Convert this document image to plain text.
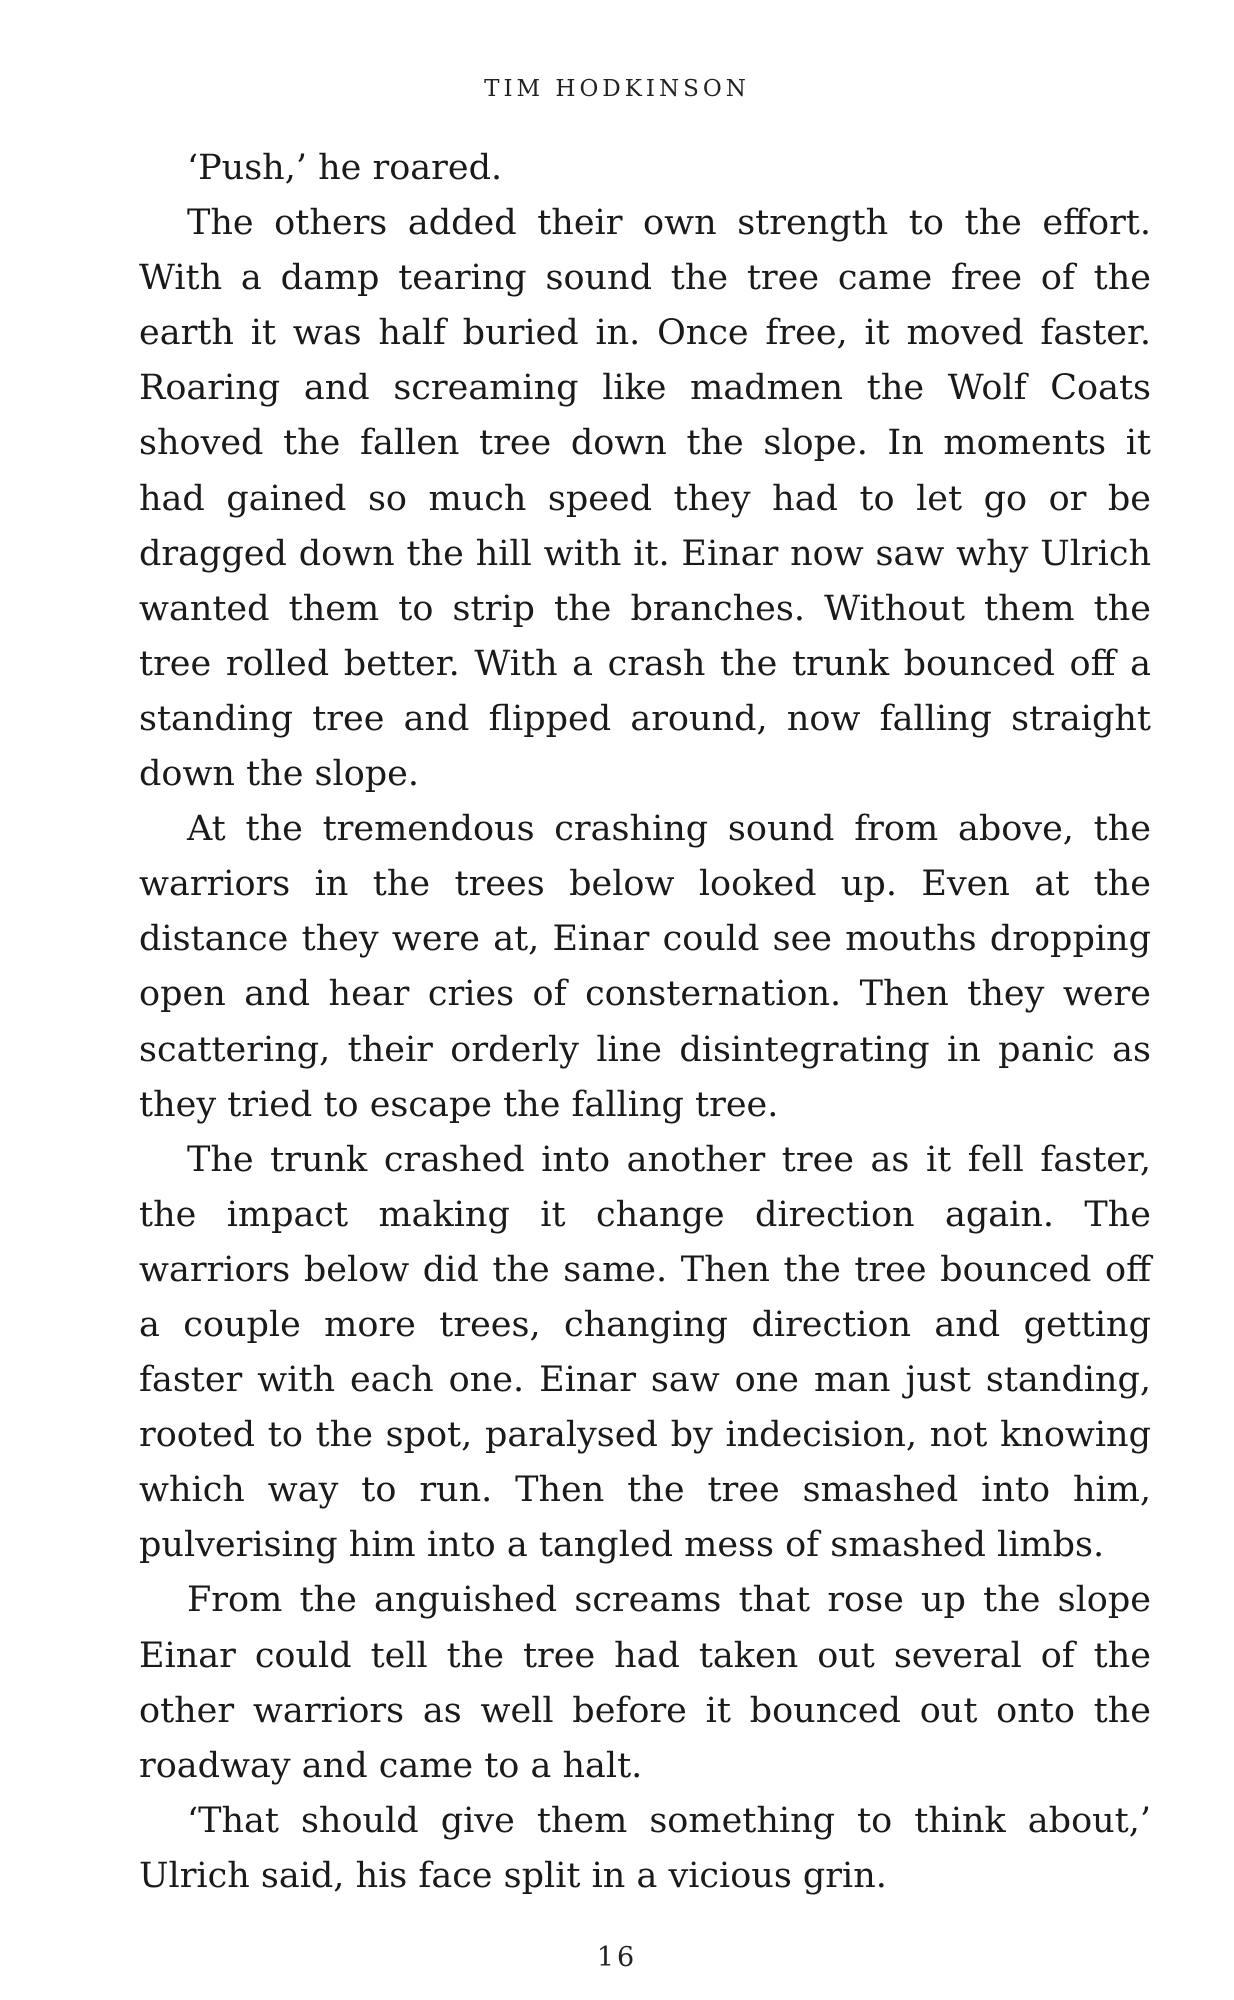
TIM HODKINSON

‘Push,’ he roared.

The others added their own strength to the effort. With a damp tearing sound the tree came free of the earth it was half buried in. Once free, it moved faster. Roaring and screaming like madmen the Wolf Coats shoved the fallen tree down the slope. In moments it had gained so much speed they had to let go or be dragged down the hill with it. Einar now saw why Ulrich wanted them to strip the branches. Without them the tree rolled better. With a crash the trunk bounced off a standing tree and flipped around, now falling straight down the slope.

At the tremendous crashing sound from above, the warriors in the trees below looked up. Even at the distance they were at, Einar could see mouths dropping open and hear cries of consternation. Then they were scattering, their orderly line disintegrating in panic as they tried to escape the falling tree.

The trunk crashed into another tree as it fell faster, the impact making it change direction again. The warriors below did the same. Then the tree bounced off a couple more trees, changing direction and getting faster with each one. Einar saw one man just standing, rooted to the spot, paralysed by indecision, not knowing which way to run. Then the tree smashed into him, pulverising him into a tangled mess of smashed limbs.

From the anguished screams that rose up the slope Einar could tell the tree had taken out several of the other warriors as well before it bounced out onto the roadway and came to a halt.

‘That should give them something to think about,’ Ulrich said, his face split in a vicious grin.

16
